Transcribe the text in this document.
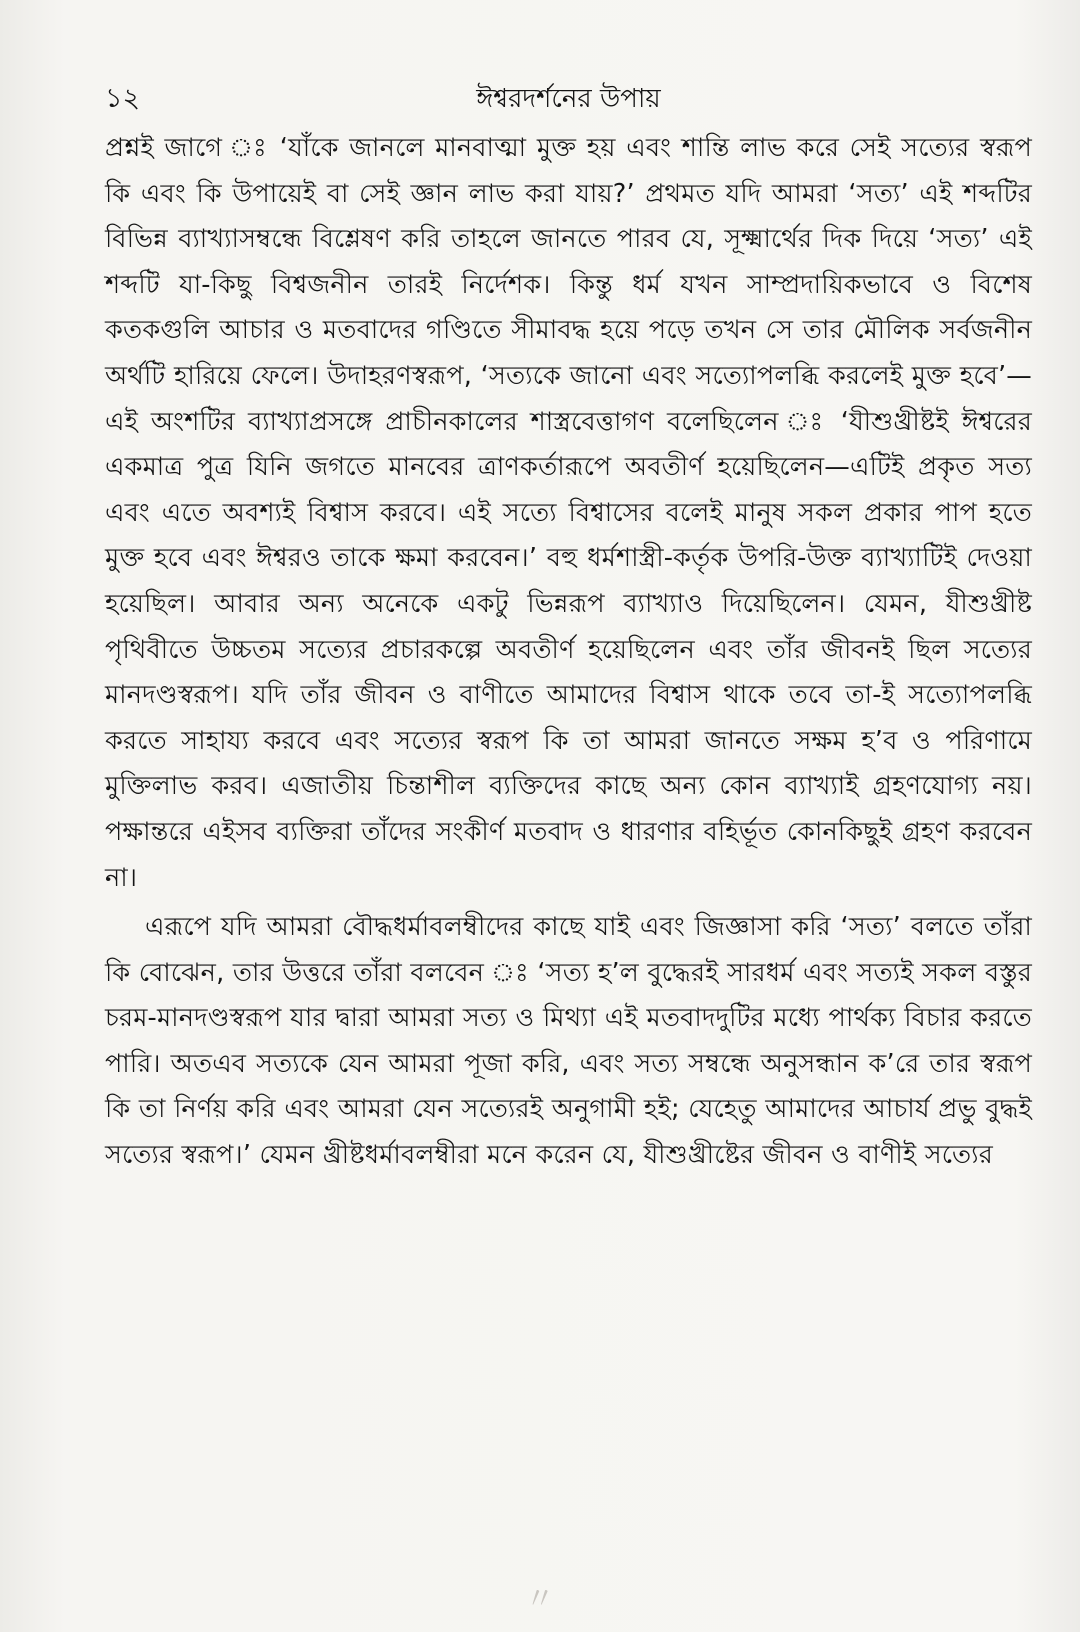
১২	ঈশ্বরদর্শনের উপায়

প্রশ্নই জাগে ঃ ‘যাঁকে জানলে মানবাত্মা মুক্ত হয় এবং শান্তি লাভ করে সেই সত্যের স্বরূপ কি এবং কি উপায়েই বা সেই জ্ঞান লাভ করা যায়?’ প্রথমত যদি আমরা ‘সত্য’ এই শব্দটির বিভিন্ন ব্যাখ্যাসম্বন্ধে বিশ্লেষণ করি তাহলে জানতে পারব যে, সূক্ষ্মার্থের দিক দিয়ে ‘সত্য’ এই শব্দটি যা-কিছু বিশ্বজনীন তারই নির্দেশক। কিন্তু ধর্ম যখন সাম্প্রদায়িকভাবে ও বিশেষ কতকগুলি আচার ও মতবাদের গণ্ডিতে সীমাবদ্ধ হয়ে পড়ে তখন সে তার মৌলিক সর্বজনীন অর্থটি হারিয়ে ফেলে। উদাহরণস্বরূপ, ‘সত্যকে জানো এবং সত্যোপলব্ধি করলেই মুক্ত হবে’—এই অংশটির ব্যাখ্যাপ্রসঙ্গে প্রাচীনকালের শাস্ত্রবেত্তাগণ বলেছিলেন ঃ ‘যীশুখ্রীষ্টই ঈশ্বরের একমাত্র পুত্র যিনি জগতে মানবের ত্রাণকর্তারূপে অবতীর্ণ হয়েছিলেন—এটিই প্রকৃত সত্য এবং এতে অবশ্যই বিশ্বাস করবে। এই সত্যে বিশ্বাসের বলেই মানুষ সকল প্রকার পাপ হতে মুক্ত হবে এবং ঈশ্বরও তাকে ক্ষমা করবেন।’ বহু ধর্মশাস্ত্রী-কর্তৃক উপরি-উক্ত ব্যাখ্যাটিই দেওয়া হয়েছিল। আবার অন্য অনেকে একটু ভিন্নরূপ ব্যাখ্যাও দিয়েছিলেন। যেমন, যীশুখ্রীষ্ট পৃথিবীতে উচ্চতম সত্যের প্রচারকল্পে অবতীর্ণ হয়েছিলেন এবং তাঁর জীবনই ছিল সত্যের মানদণ্ডস্বরূপ। যদি তাঁর জীবন ও বাণীতে আমাদের বিশ্বাস থাকে তবে তা-ই সত্যোপলব্ধি করতে সাহায্য করবে এবং সত্যের স্বরূপ কি তা আমরা জানতে সক্ষম হ’ব ও পরিণামে মুক্তিলাভ করব। এজাতীয় চিন্তাশীল ব্যক্তিদের কাছে অন্য কোন ব্যাখ্যাই গ্রহণযোগ্য নয়। পক্ষান্তরে এইসব ব্যক্তিরা তাঁদের সংকীর্ণ মতবাদ ও ধারণার বহির্ভূত কোনকিছুই গ্রহণ করবেন না।

এরূপে যদি আমরা বৌদ্ধধর্মাবলম্বীদের কাছে যাই এবং জিজ্ঞাসা করি ‘সত্য’ বলতে তাঁরা কি বোঝেন, তার উত্তরে তাঁরা বলবেন ঃ ‘সত্য হ’ল বুদ্ধেরই সারধর্ম এবং সত্যই সকল বস্তুর চরম-মানদণ্ডস্বরূপ যার দ্বারা আমরা সত্য ও মিথ্যা এই মতবাদদুটির মধ্যে পার্থক্য বিচার করতে পারি। অতএব সত্যকে যেন আমরা পূজা করি, এবং সত্য সম্বন্ধে অনুসন্ধান ক’রে তার স্বরূপ কি তা নির্ণয় করি এবং আমরা যেন সত্যেরই অনুগামী হই; যেহেতু আমাদের আচার্য প্রভু বুদ্ধই সত্যের স্বরূপ।’ যেমন খ্রীষ্টধর্মাবলম্বীরা মনে করেন যে, যীশুখ্রীষ্টের জীবন ও বাণীই সত্যের

〃
